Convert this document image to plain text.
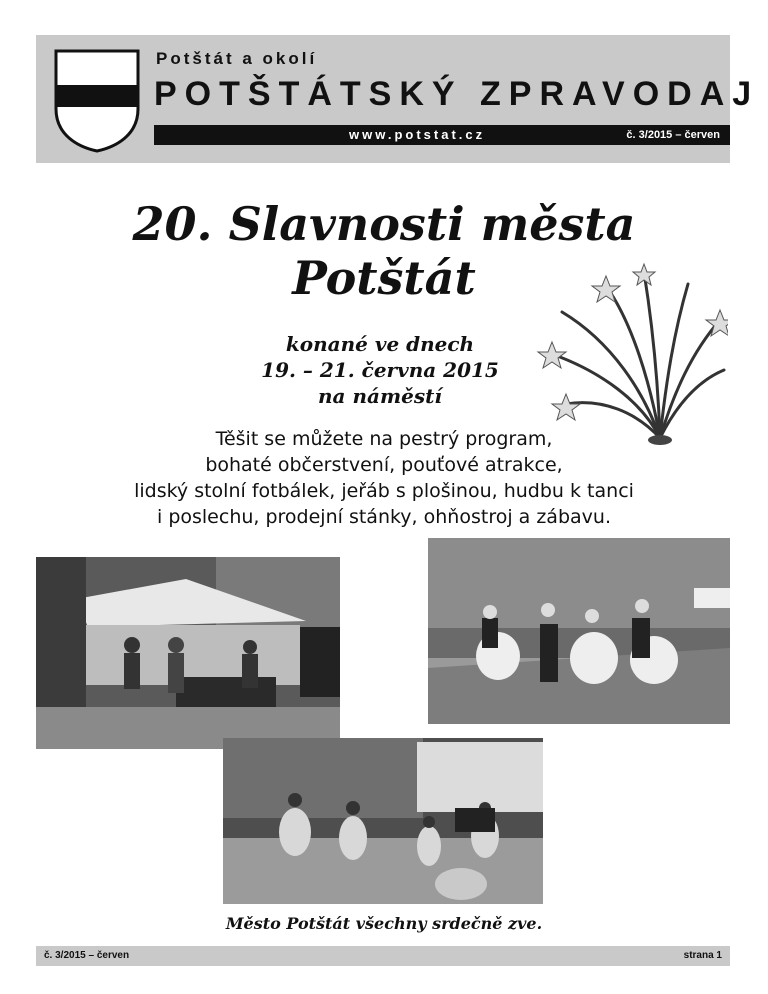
Potštát a okolí
POTŠTÁTSKÝ ZPRAVODAJ
www.potstat.cz	č. 3/2015 – červen
20. Slavnosti města
Potštát
konané ve dnech
19. – 21. června 2015
na náměstí
Těšit se můžete na pestrý program,
bohaté občerstvení, pouťové atrakce,
lidský stolní fotbálek, jeřáb s plošinou, hudbu k tanci
i poslechu, prodejní stánky, ohňostroj a zábavu.
Město Potštát všechny srdečně zve.
č. 3/2015 – červen	strana 1
